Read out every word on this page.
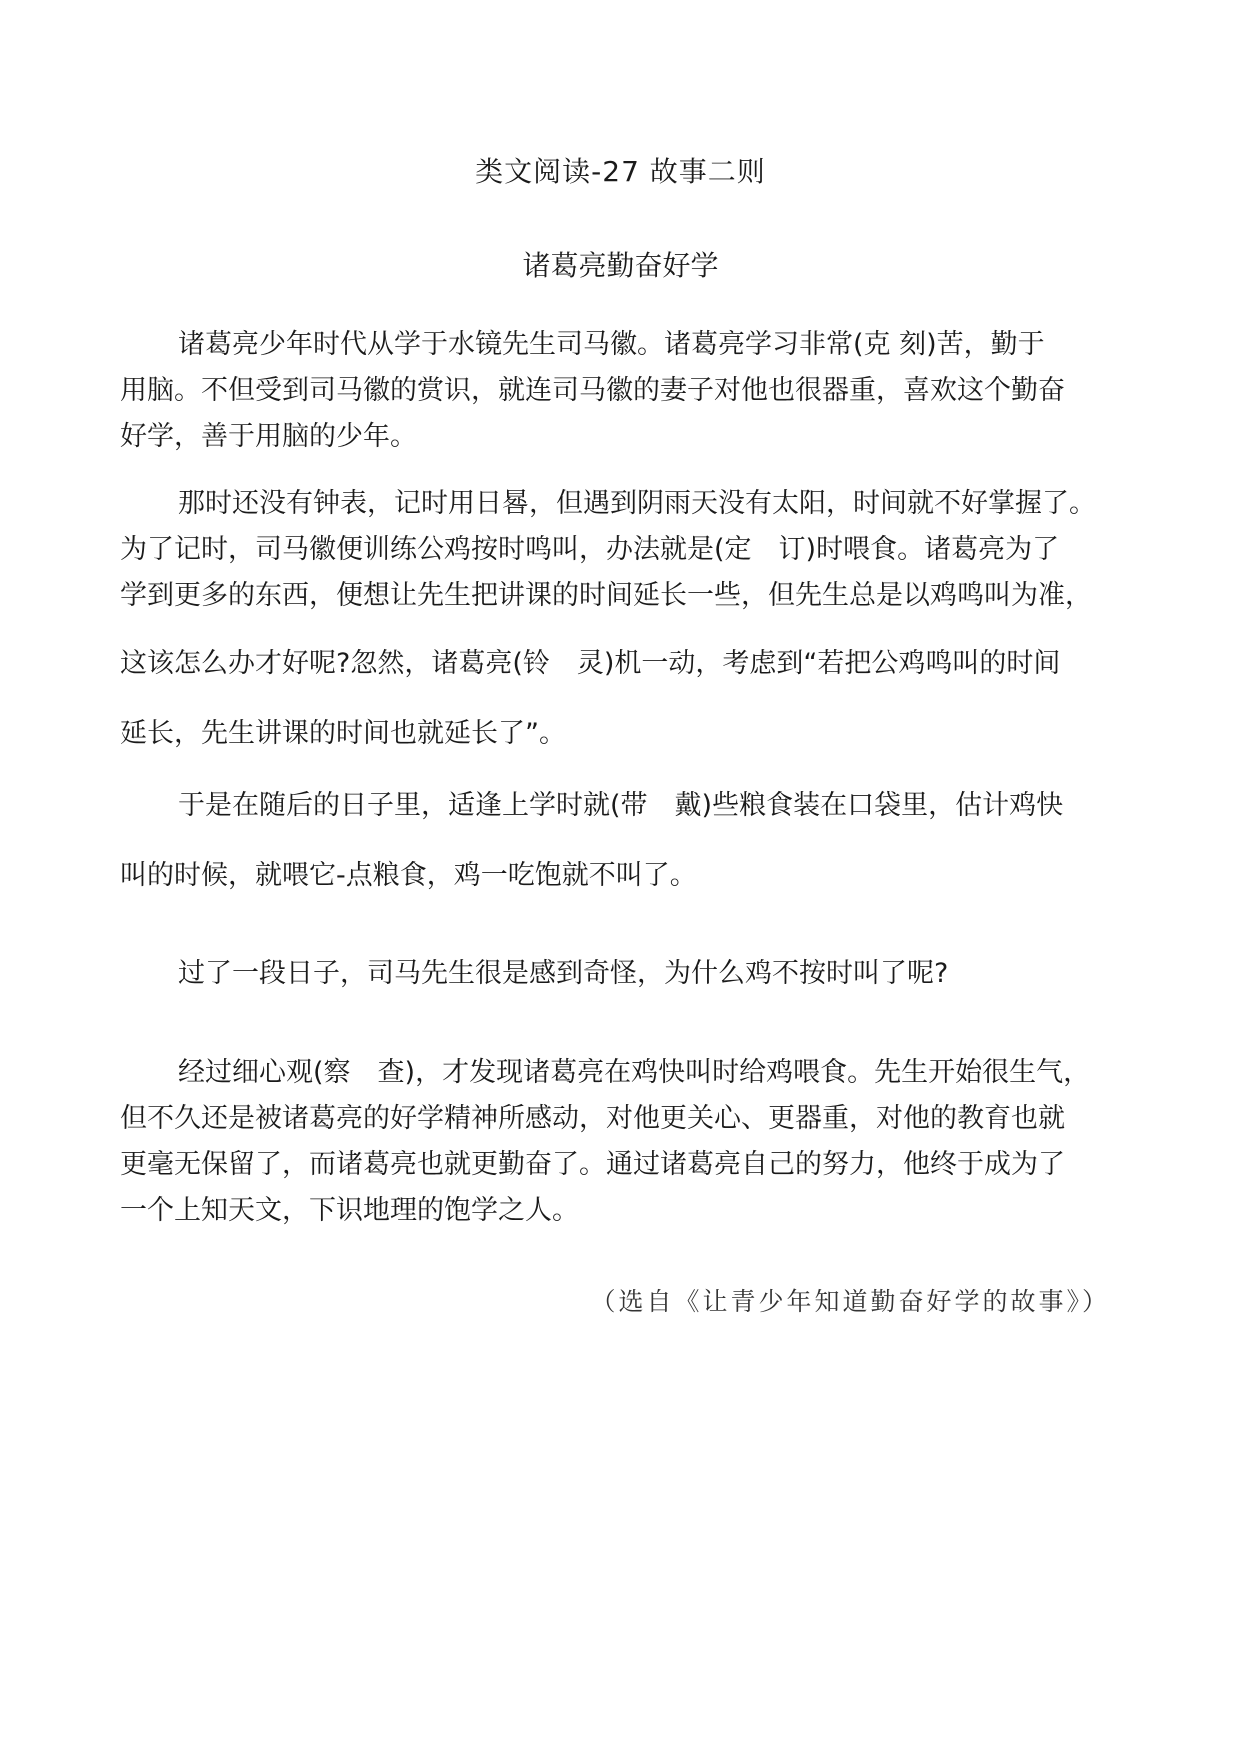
类文阅读-27 故事二则
诸葛亮勤奋好学
诸葛亮少年时代从学于水镜先生司马徽。诸葛亮学习非常(克 刻)苦，勤于
用脑。不但受到司马徽的赏识，就连司马徽的妻子对他也很器重，喜欢这个勤奋
好学，善于用脑的少年。
那时还没有钟表，记时用日晷，但遇到阴雨天没有太阳，时间就不好掌握了。
为了记时，司马徽便训练公鸡按时鸣叫，办法就是(定　订)时喂食。诸葛亮为了
学到更多的东西，便想让先生把讲课的时间延长一些，但先生总是以鸡鸣叫为准，
这该怎么办才好呢?忽然，诸葛亮(铃　灵)机一动，考虑到“若把公鸡鸣叫的时间
延长，先生讲课的时间也就延长了”。
于是在随后的日子里，适逢上学时就(带　戴)些粮食装在口袋里，估计鸡快
叫的时候，就喂它-点粮食，鸡一吃饱就不叫了。
过了一段日子，司马先生很是感到奇怪，为什么鸡不按时叫了呢?
经过细心观(察　查)，才发现诸葛亮在鸡快叫时给鸡喂食。先生开始很生气，
但不久还是被诸葛亮的好学精神所感动，对他更关心、更器重，对他的教育也就
更毫无保留了，而诸葛亮也就更勤奋了。通过诸葛亮自己的努力，他终于成为了
一个上知天文，下识地理的饱学之人。
（选自《让青少年知道勤奋好学的故事》）
